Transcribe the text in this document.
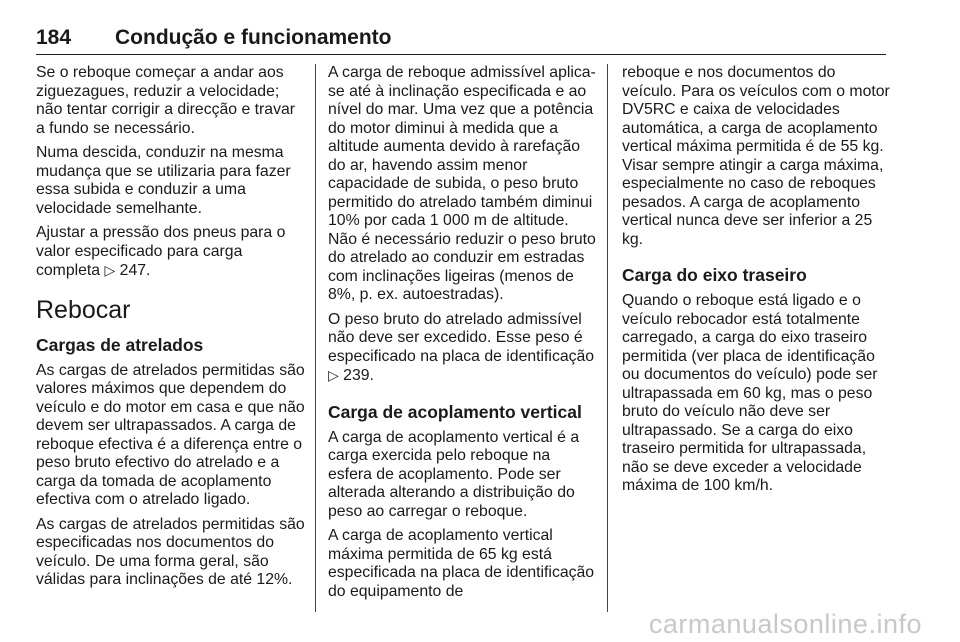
184 Condução e funcionamento

Se o reboque começar a andar aos ziguezagues, reduzir a velocidade; não tentar corrigir a direcção e travar a fundo se necessário.

Numa descida, conduzir na mesma mudança que se utilizaria para fazer essa subida e conduzir a uma velocidade semelhante.

Ajustar a pressão dos pneus para o valor especificado para carga completa ▷ 247.

Rebocar
Cargas de atrelados

As cargas de atrelados permitidas são valores máximos que dependem do veículo e do motor em casa e que não devem ser ultrapassados. A carga de reboque efectiva é a diferença entre o peso bruto efectivo do atrelado e a carga da tomada de acoplamento efectiva com o atrelado ligado.

As cargas de atrelados permitidas são especificadas nos documentos do veículo. De uma forma geral, são válidas para inclinações de até 12%.

A carga de reboque admissível aplica-se até à inclinação especificada e ao nível do mar. Uma vez que a potência do motor diminui à medida que a altitude aumenta devido à rarefação do ar, havendo assim menor capacidade de subida, o peso bruto permitido do atrelado também diminui 10% por cada 1 000 m de altitude. Não é necessário reduzir o peso bruto do atrelado ao conduzir em estradas com inclinações ligeiras (menos de 8%, p. ex. autoestradas).

O peso bruto do atrelado admissível não deve ser excedido. Esse peso é especificado na placa de identificação ▷ 239.

Carga de acoplamento vertical

A carga de acoplamento vertical é a carga exercida pelo reboque na esfera de acoplamento. Pode ser alterada alterando a distribuição do peso ao carregar o reboque.

A carga de acoplamento vertical máxima permitida de 65 kg está especificada na placa de identificação do equipamento de

reboque e nos documentos do veículo. Para os veículos com o motor DV5RC e caixa de velocidades automática, a carga de acoplamento vertical máxima permitida é de 55 kg. Visar sempre atingir a carga máxima, especialmente no caso de reboques pesados. A carga de acoplamento vertical nunca deve ser inferior a 25 kg.

Carga do eixo traseiro

Quando o reboque está ligado e o veículo rebocador está totalmente carregado, a carga do eixo traseiro permitida (ver placa de identificação ou documentos do veículo) pode ser ultrapassada em 60 kg, mas o peso bruto do veículo não deve ser ultrapassado. Se a carga do eixo traseiro permitida for ultrapassada, não se deve exceder a velocidade máxima de 100 km/h.

carmanualsonline.info
